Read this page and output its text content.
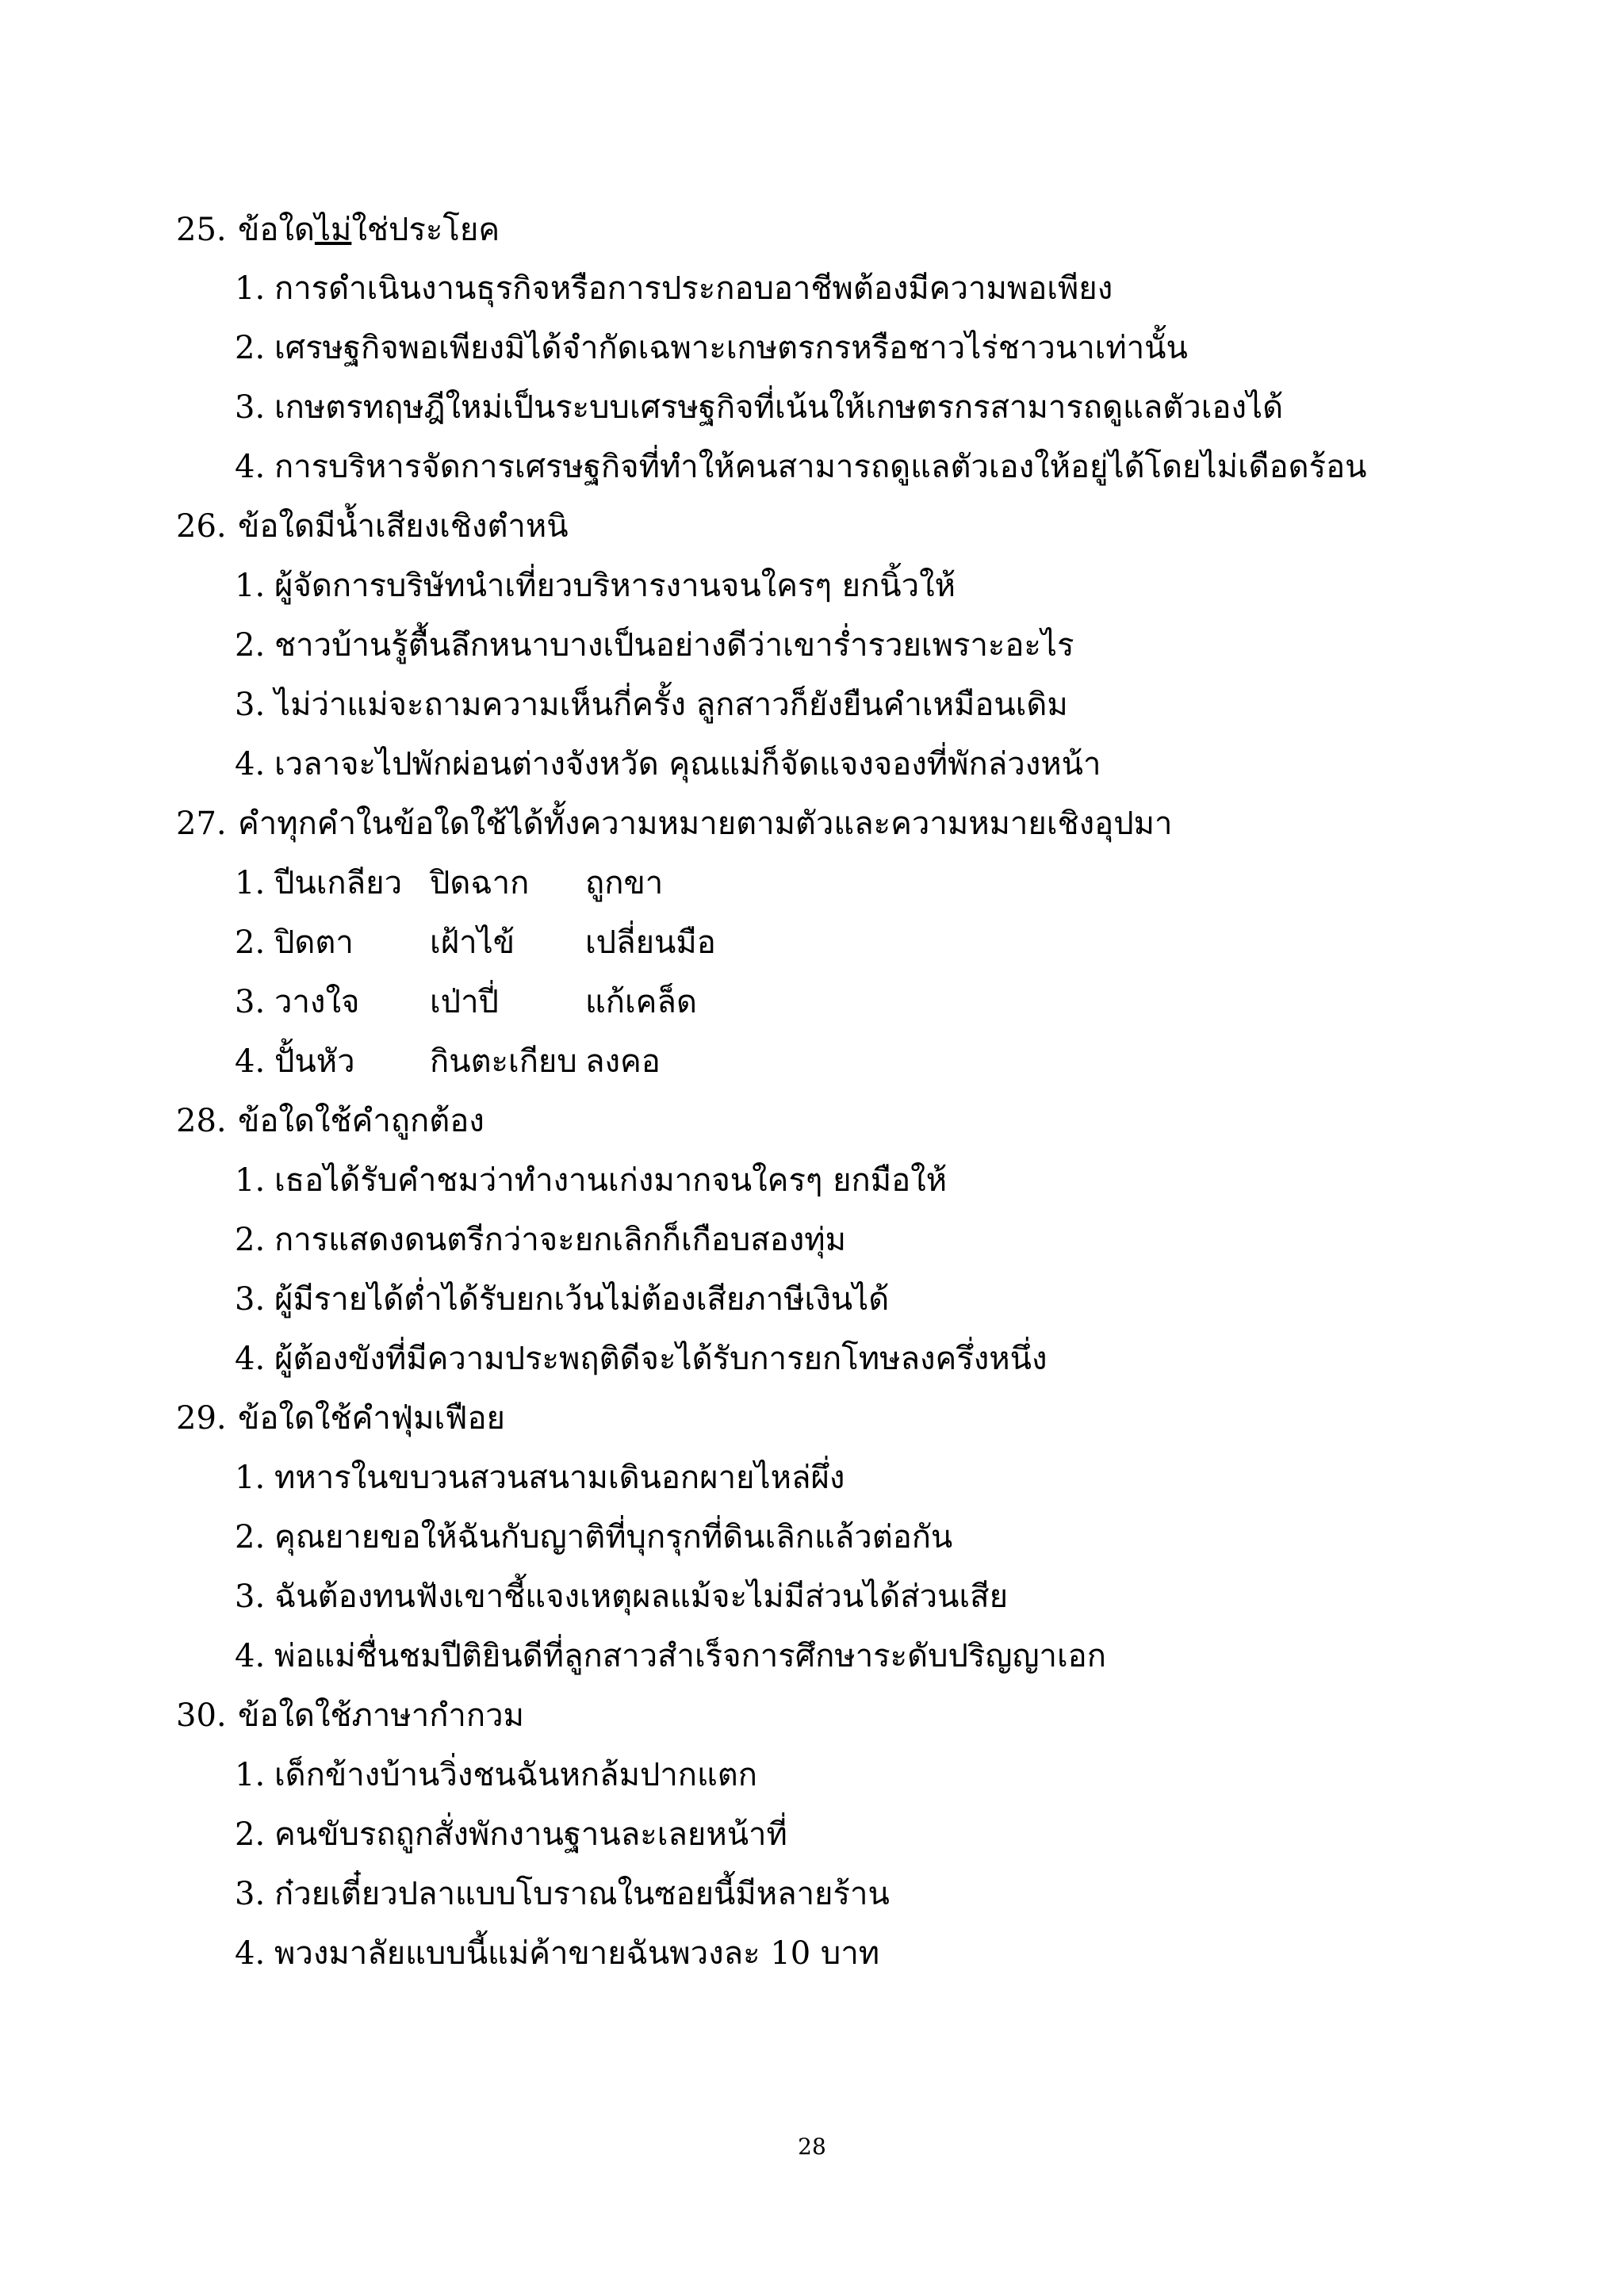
25. ข้อใดไม่ใช่ประโยค
1. การดำเนินงานธุรกิจหรือการประกอบอาชีพต้องมีความพอเพียง
2. เศรษฐกิจพอเพียงมิได้จำกัดเฉพาะเกษตรกรหรือชาวไร่ชาวนาเท่านั้น
3. เกษตรทฤษฎีใหม่เป็นระบบเศรษฐกิจที่เน้นให้เกษตรกรสามารถดูแลตัวเองได้
4. การบริหารจัดการเศรษฐกิจที่ทำให้คนสามารถดูแลตัวเองให้อยู่ได้โดยไม่เดือดร้อน
26. ข้อใดมีน้ำเสียงเชิงตำหนิ
1. ผู้จัดการบริษัทนำเที่ยวบริหารงานจนใครๆ ยกนิ้วให้
2. ชาวบ้านรู้ตื้นลึกหนาบางเป็นอย่างดีว่าเขาร่ำรวยเพราะอะไร
3. ไม่ว่าแม่จะถามความเห็นกี่ครั้ง ลูกสาวก็ยังยืนคำเหมือนเดิม
4. เวลาจะไปพักผ่อนต่างจังหวัด คุณแม่ก็จัดแจงจองที่พักล่วงหน้า
27. คำทุกคำในข้อใดใช้ได้ทั้งความหมายตามตัวและความหมายเชิงอุปมา
1. ปีนเกลียว ปิดฉาก ถูกขา
2. ปิดตา เฝ้าไข้ เปลี่ยนมือ
3. วางใจ เป่าปี่	แก้เคล็ด
4. ปั้นหัว กินตะเกียบ ลงคอ
28. ข้อใดใช้คำถูกต้อง
1. เธอได้รับคำชมว่าทำงานเก่งมากจนใครๆ ยกมือให้
2. การแสดงดนตรีกว่าจะยกเลิกก็เกือบสองทุ่ม
3. ผู้มีรายได้ต่ำได้รับยกเว้นไม่ต้องเสียภาษีเงินได้
4. ผู้ต้องขังที่มีความประพฤติดีจะได้รับการยกโทษลงครึ่งหนึ่ง
29. ข้อใดใช้คำฟุ่มเฟือย
1. ทหารในขบวนสวนสนามเดินอกผายไหล่ผึ่ง
2. คุณยายขอให้ฉันกับญาติที่บุกรุกที่ดินเลิกแล้วต่อกัน
3. ฉันต้องทนฟังเขาชี้แจงเหตุผลแม้จะไม่มีส่วนได้ส่วนเสีย
4. พ่อแม่ชื่นชมปีติยินดีที่ลูกสาวสำเร็จการศึกษาระดับปริญญาเอก
30. ข้อใดใช้ภาษากำกวม
1. เด็กข้างบ้านวิ่งชนฉันหกล้มปากแตก
2. คนขับรถถูกสั่งพักงานฐานละเลยหน้าที่
3. ก๋วยเตี๋ยวปลาแบบโบราณในซอยนี้มีหลายร้าน
4. พวงมาลัยแบบนี้แม่ค้าขายฉันพวงละ 10 บาท
28
